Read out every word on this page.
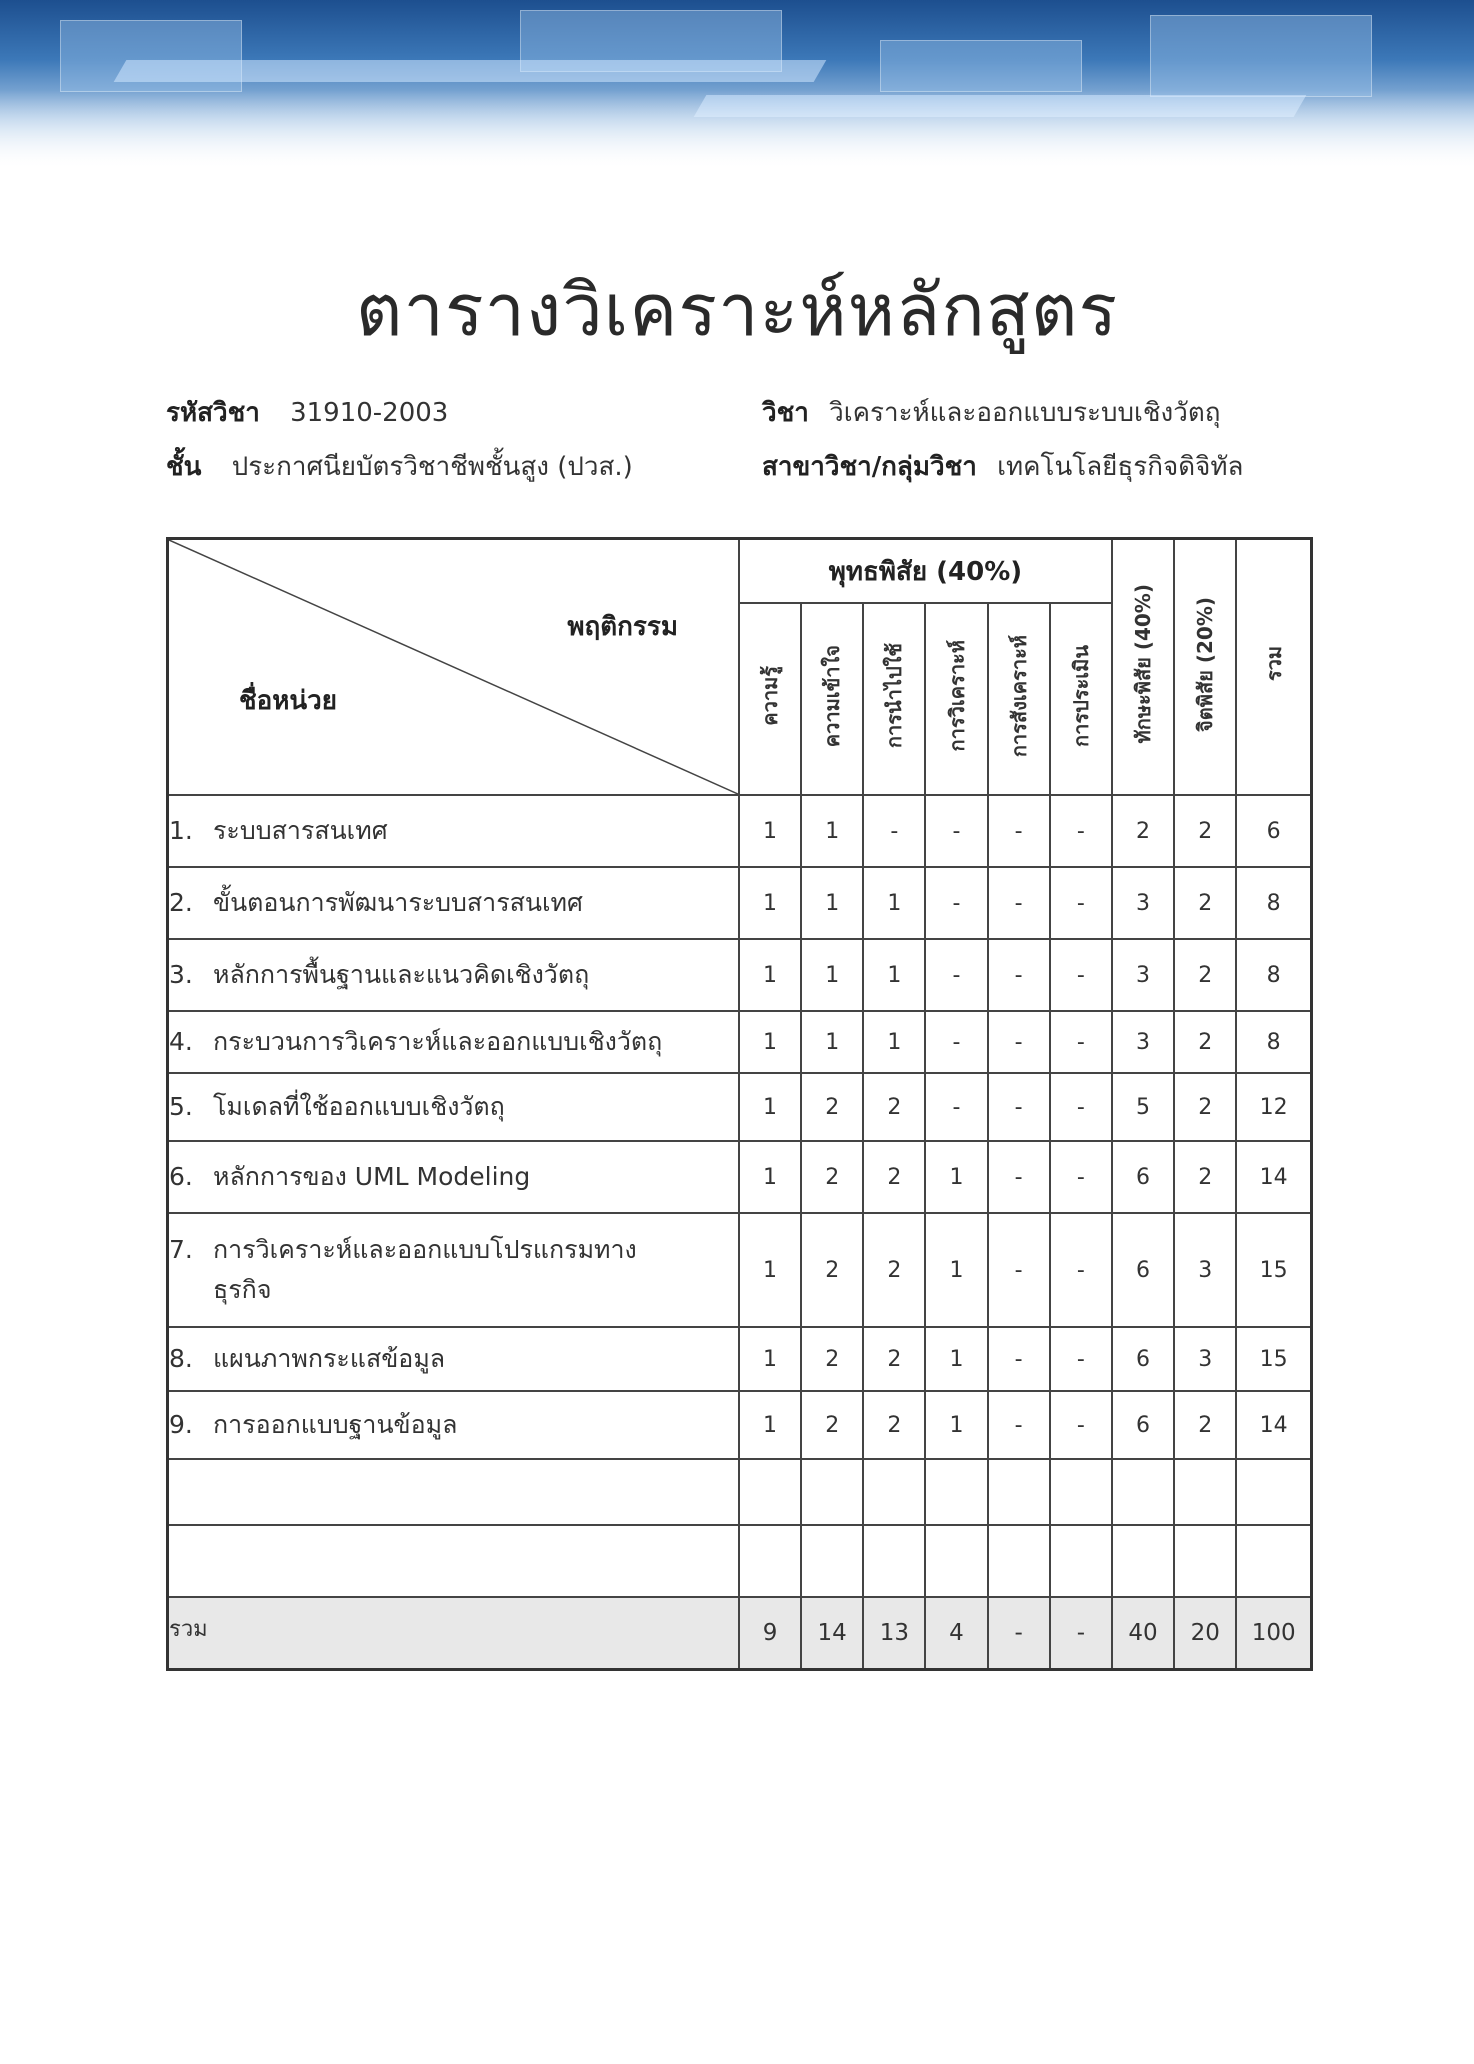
ตารางวิเคราะห์หลักสูตร
รหัสวิชา 31910-2003	วิชา วิเคราะห์และออกแบบระบบเชิงวัตถุ
ชั้น ประกาศนียบัตรวิชาชีพชั้นสูง (ปวส.)	สาขาวิชา/กลุ่มวิชา เทคโนโลยีธุรกิจดิจิทัล
พฤติกรรม
ชื่อหน่วย	พุทธพิสัย (40%)						ทักษะพิสัย (40%)	จิตพิสัย (20%)	รวม
	ความรู้	ความเข้าใจ	การนำไปใช้	การวิเคราะห์	การสังเคราะห์	การประเมิน			

1. ระบบสารสนเทศ	1	1	-	-	-	-	2	2	6

2. ขั้นตอนการพัฒนาระบบสารสนเทศ	1	1	1	-	-	-	3	2	8

3. หลักการพื้นฐานและแนวคิดเชิงวัตถุ	1	1	1	-	-	-	3	2	8

4. กระบวนการวิเคราะห์และออกแบบเชิงวัตถุ	1	1	1	-	-	-	3	2	8

5. โมเดลที่ใช้ออกแบบเชิงวัตถุ	1	2	2	-	-	-	5	2	12

6. หลักการของ UML Modeling	1	2	2	1	-	-	6	2	14

7. การวิเคราะห์และออกแบบโปรแกรมทางธุรกิจ	1	2	2	1	-	-	6	3	15

8. แผนภาพกระแสข้อมูล	1	2	2	1	-	-	6	3	15

9. การออกแบบฐานข้อมูล	1	2	2	1	-	-	6	2	14

รวม	9	14	13	4	-	-	40	20	100
